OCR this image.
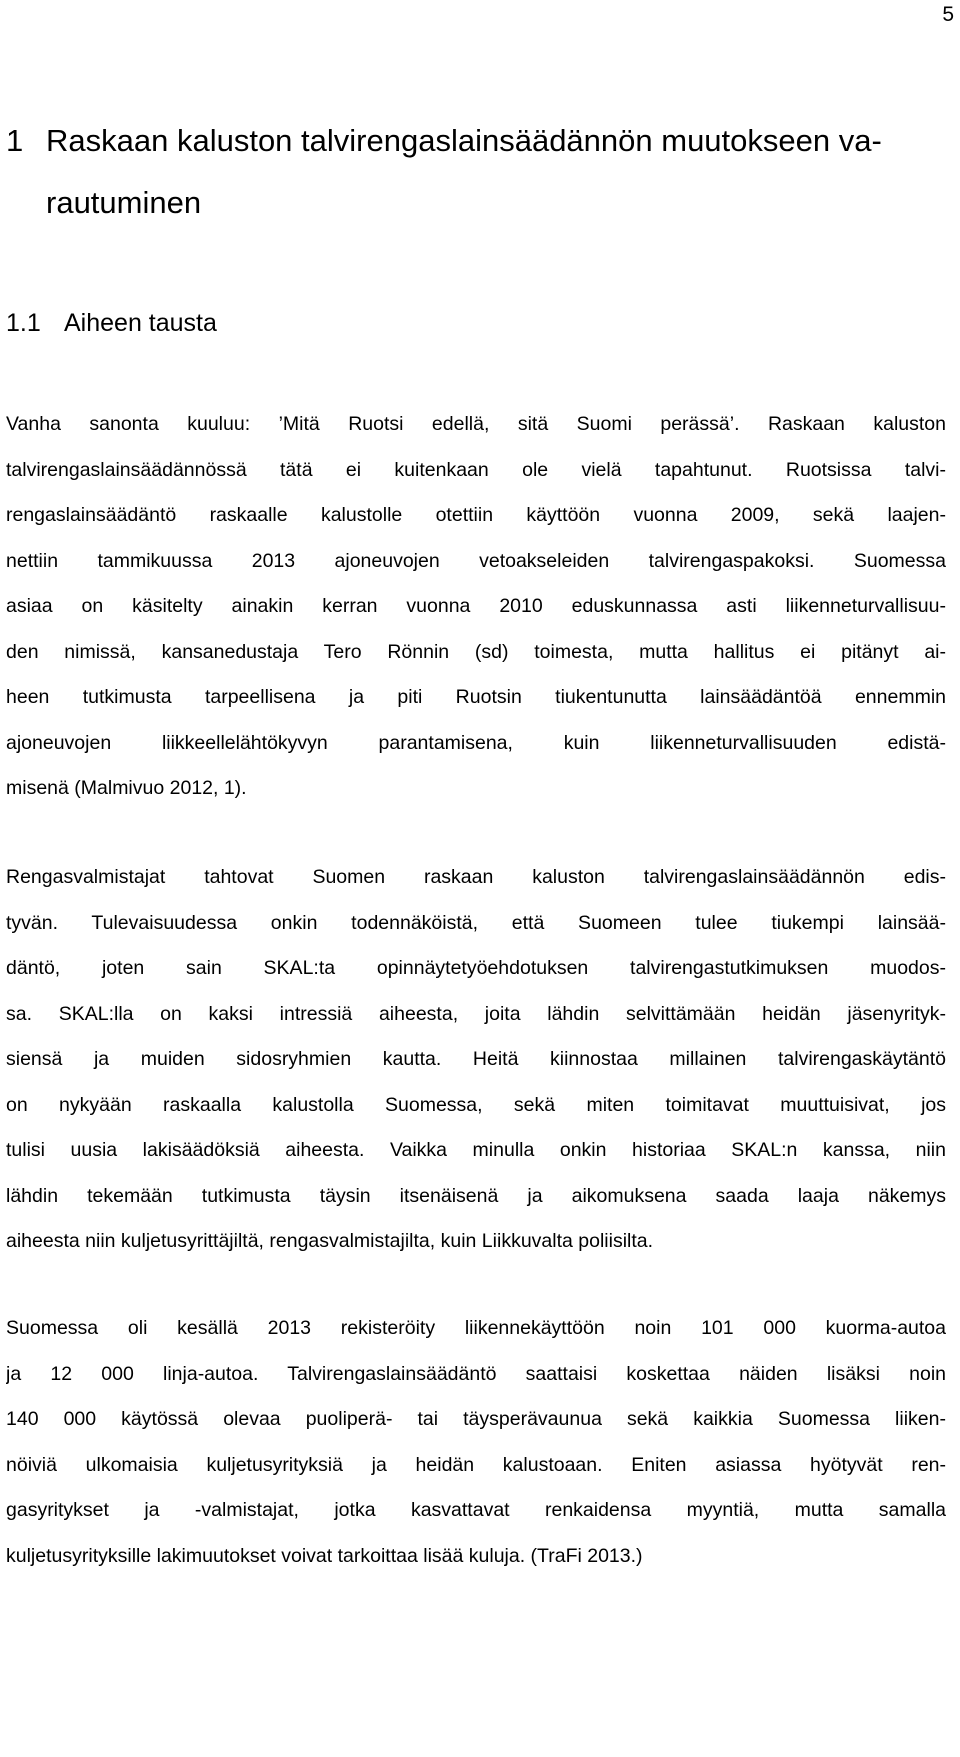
5
1 Raskaan kaluston talvirengaslainsäädännön muutokseen va-
rautuminen
1.1 Aiheen tausta
Vanha sanonta kuuluu: ’Mitä Ruotsi edellä, sitä Suomi perässä’. Raskaan kaluston
talvirengaslainsäädännössä tätä ei kuitenkaan ole vielä tapahtunut. Ruotsissa talvi-
rengaslainsäädäntö raskaalle kalustolle otettiin käyttöön vuonna 2009, sekä laajen-
nettiin tammikuussa 2013 ajoneuvojen vetoakseleiden talvirengaspakoksi. Suomessa
asiaa on käsitelty ainakin kerran vuonna 2010 eduskunnassa asti liikenneturvallisuu-
den nimissä, kansanedustaja Tero Rönnin (sd) toimesta, mutta hallitus ei pitänyt ai-
heen tutkimusta tarpeellisena ja piti Ruotsin tiukentunutta lainsäädäntöä ennemmin
ajoneuvojen liikkeellelähtökyvyn parantamisena, kuin liikenneturvallisuuden edistä-
misenä (Malmivuo 2012, 1).
Rengasvalmistajat tahtovat Suomen raskaan kaluston talvirengaslainsäädännön edis-
tyvän. Tulevaisuudessa onkin todennäköistä, että Suomeen tulee tiukempi lainsää-
däntö, joten sain SKAL:ta opinnäytetyöehdotuksen talvirengastutkimuksen muodos-
sa. SKAL:lla on kaksi intressiä aiheesta, joita lähdin selvittämään heidän jäsenyrityk-
siensä ja muiden sidosryhmien kautta. Heitä kiinnostaa millainen talvirengaskäytäntö
on nykyään raskaalla kalustolla Suomessa, sekä miten toimitavat muuttuisivat, jos
tulisi uusia lakisäädöksiä aiheesta. Vaikka minulla onkin historiaa SKAL:n kanssa, niin
lähdin tekemään tutkimusta täysin itsenäisenä ja aikomuksena saada laaja näkemys
aiheesta niin kuljetusyrittäjiltä, rengasvalmistajilta, kuin Liikkuvalta poliisilta.
Suomessa oli kesällä 2013 rekisteröity liikennekäyttöön noin 101 000 kuorma-autoa
ja 12 000 linja-autoa. Talvirengaslainsäädäntö saattaisi koskettaa näiden lisäksi noin
140 000 käytössä olevaa puoliperä- tai täysperävaunua sekä kaikkia Suomessa liiken-
nöiviä ulkomaisia kuljetusyrityksiä ja heidän kalustoaan. Eniten asiassa hyötyvät ren-
gasyritykset ja -valmistajat, jotka kasvattavat renkaidensa myyntiä, mutta samalla
kuljetusyrityksille lakimuutokset voivat tarkoittaa lisää kuluja. (TraFi 2013.)
